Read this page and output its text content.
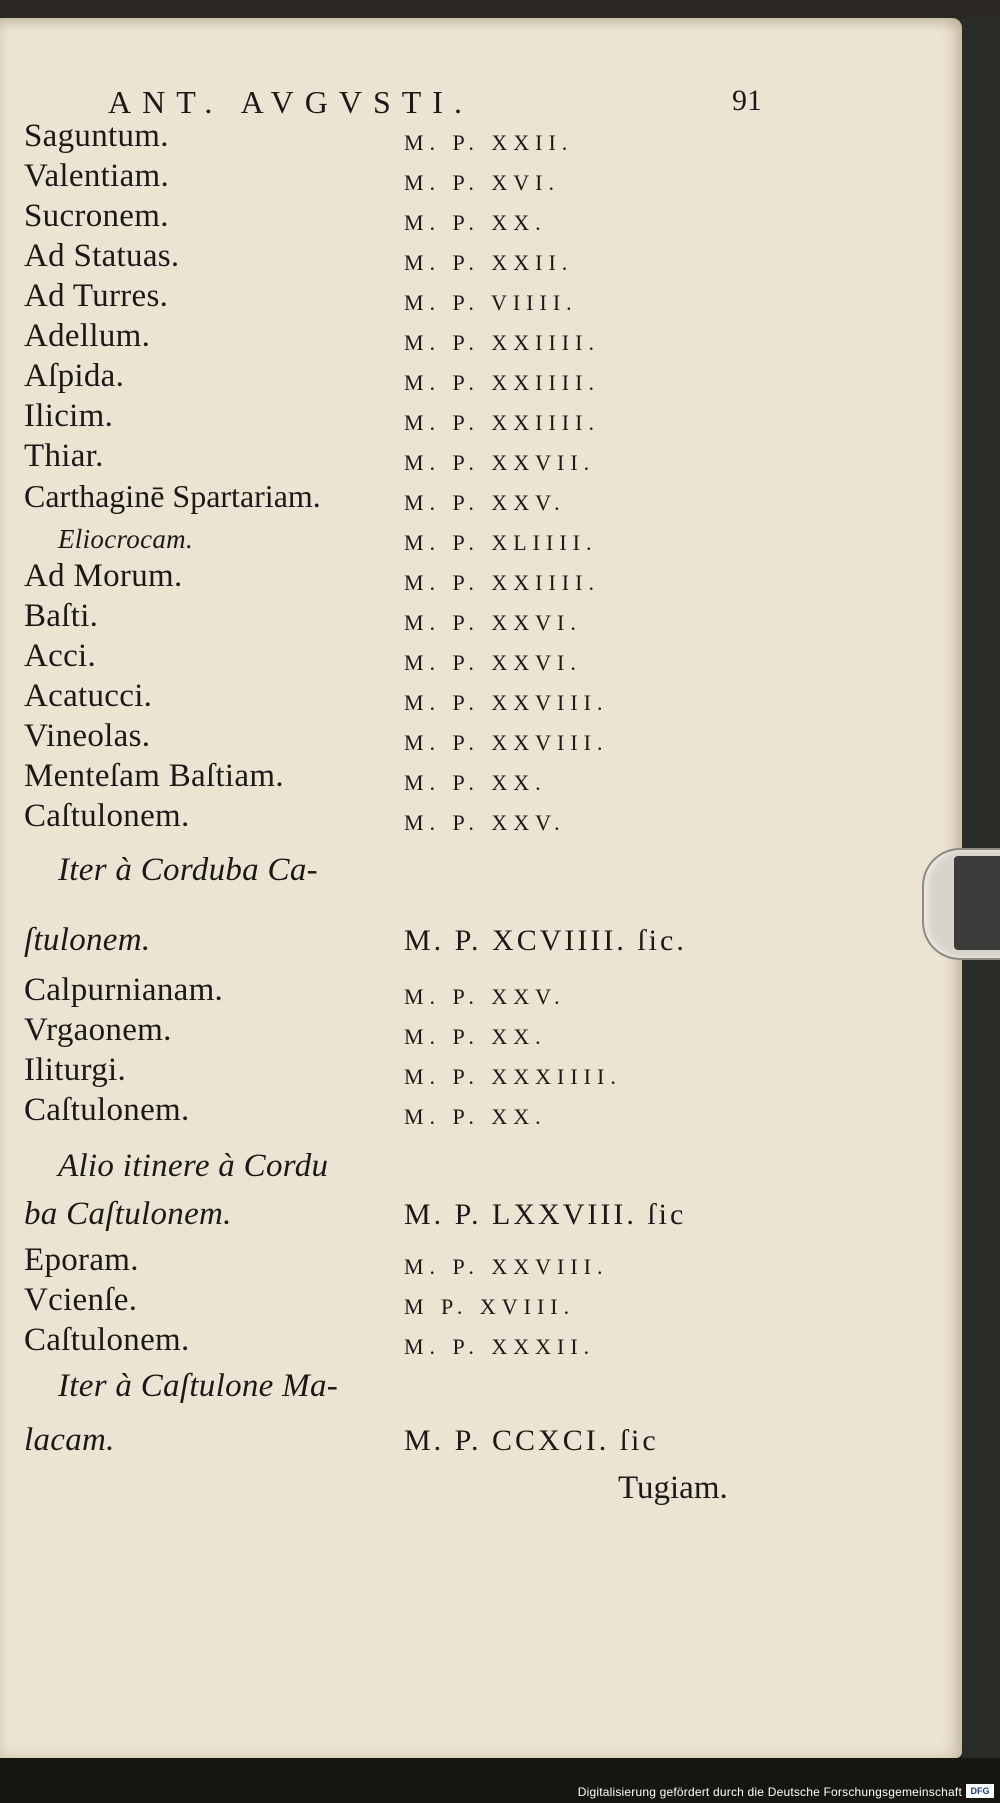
ANT. AVGVSTI.	91
Saguntum.	M. P. XXII.
Valentiam.	M. P. XVI.
Sucronem.	M. P. XX.
Ad Statuas.	M. P. XXII.
Ad Turres.	M. P. VIIII.
Adellum.	M. P. XXIIII.
Aſpida.	M. P. XXIIII.
Ilicim.	M. P. XXIIII.
Thiar.	M. P. XXVII.
Carthaginē Spartariam.	M. P. XXV.
Eliocrocam.	M. P. XLIIII.
Ad Morum.	M. P. XXIIII.
Baſti.	M. P. XXVI.
Acci.	M. P. XXVI.
Acatucci.	M. P. XXVIII.
Vineolas.	M. P. XXVIII.
Menteſam Baſtiam.	M. P. XX.
Caſtulonem.	M. P. XXV.
Iter à Corduba Ca-
ſtulonem.	M. P. XCVIIII. ſic.
Calpurnianam.	M. P. XXV.
Vrgaonem.	M. P. XX.
Iliturgi.	M. P. XXXIIII.
Caſtulonem.	M. P. XX.
Alio itinere à Cordu
ba Caſtulonem.	M. P. LXXVIII. ſic
Eporam.	M. P. XXVIII.
Vcienſe.	M P. XVIII.
Caſtulonem.	M. P. XXXII.
Iter à Caſtulone Ma-
lacam.	M. P. CCXCI. ſic
Tugiam.
Digitalisierung gefördert durch die Deutsche Forschungsgemeinschaft DFG
